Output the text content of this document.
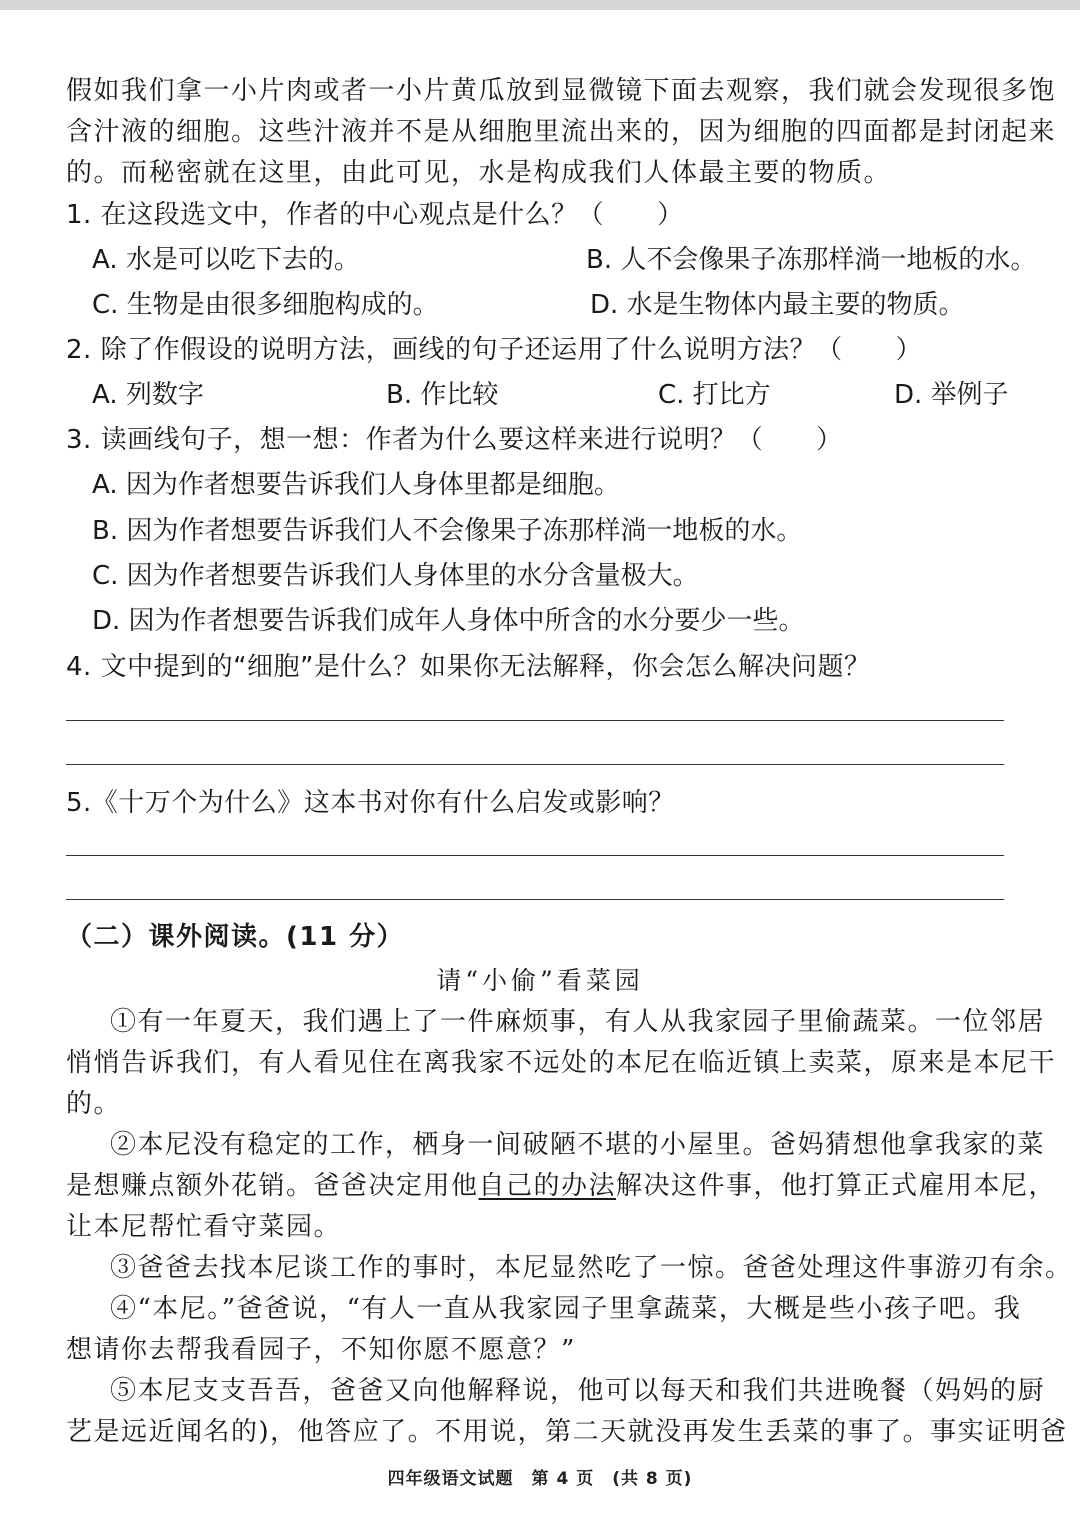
假如我们拿一小片肉或者一小片黄瓜放到显微镜下面去观察，我们就会发现很多饱
含汁液的细胞。这些汁液并不是从细胞里流出来的，因为细胞的四面都是封闭起来
的。而秘密就在这里，由此可见，水是构成我们人体最主要的物质。
1. 在这段选文中，作者的中心观点是什么？（　　）
A. 水是可以吃下去的。	B. 人不会像果子冻那样淌一地板的水。
C. 生物是由很多细胞构成的。	D. 水是生物体内最主要的物质。
2. 除了作假设的说明方法，画线的句子还运用了什么说明方法？（　　）
A. 列数字	B. 作比较	C. 打比方	D. 举例子
3. 读画线句子，想一想：作者为什么要这样来进行说明？（　　）
A. 因为作者想要告诉我们人身体里都是细胞。
B. 因为作者想要告诉我们人不会像果子冻那样淌一地板的水。
C. 因为作者想要告诉我们人身体里的水分含量极大。
D. 因为作者想要告诉我们成年人身体中所含的水分要少一些。
4. 文中提到的“细胞”是什么？如果你无法解释，你会怎么解决问题？
5.《十万个为什么》这本书对你有什么启发或影响？
（二）课外阅读。(11 分）
请“小偷”看菜园
①有一年夏天，我们遇上了一件麻烦事，有人从我家园子里偷蔬菜。一位邻居
悄悄告诉我们，有人看见住在离我家不远处的本尼在临近镇上卖菜，原来是本尼干
的。
②本尼没有稳定的工作，栖身一间破陋不堪的小屋里。爸妈猜想他拿我家的菜
是想赚点额外花销。爸爸决定用他自己的办法解决这件事，他打算正式雇用本尼，
让本尼帮忙看守菜园。
③爸爸去找本尼谈工作的事时，本尼显然吃了一惊。爸爸处理这件事游刃有余。
④“本尼。”爸爸说，“有人一直从我家园子里拿蔬菜，大概是些小孩子吧。我
想请你去帮我看园子，不知你愿不愿意？”
⑤本尼支支吾吾，爸爸又向他解释说，他可以每天和我们共进晚餐（妈妈的厨
艺是远近闻名的)，他答应了。不用说，第二天就没再发生丢菜的事了。事实证明爸
四年级语文试题　第 4 页　(共 8 页)
